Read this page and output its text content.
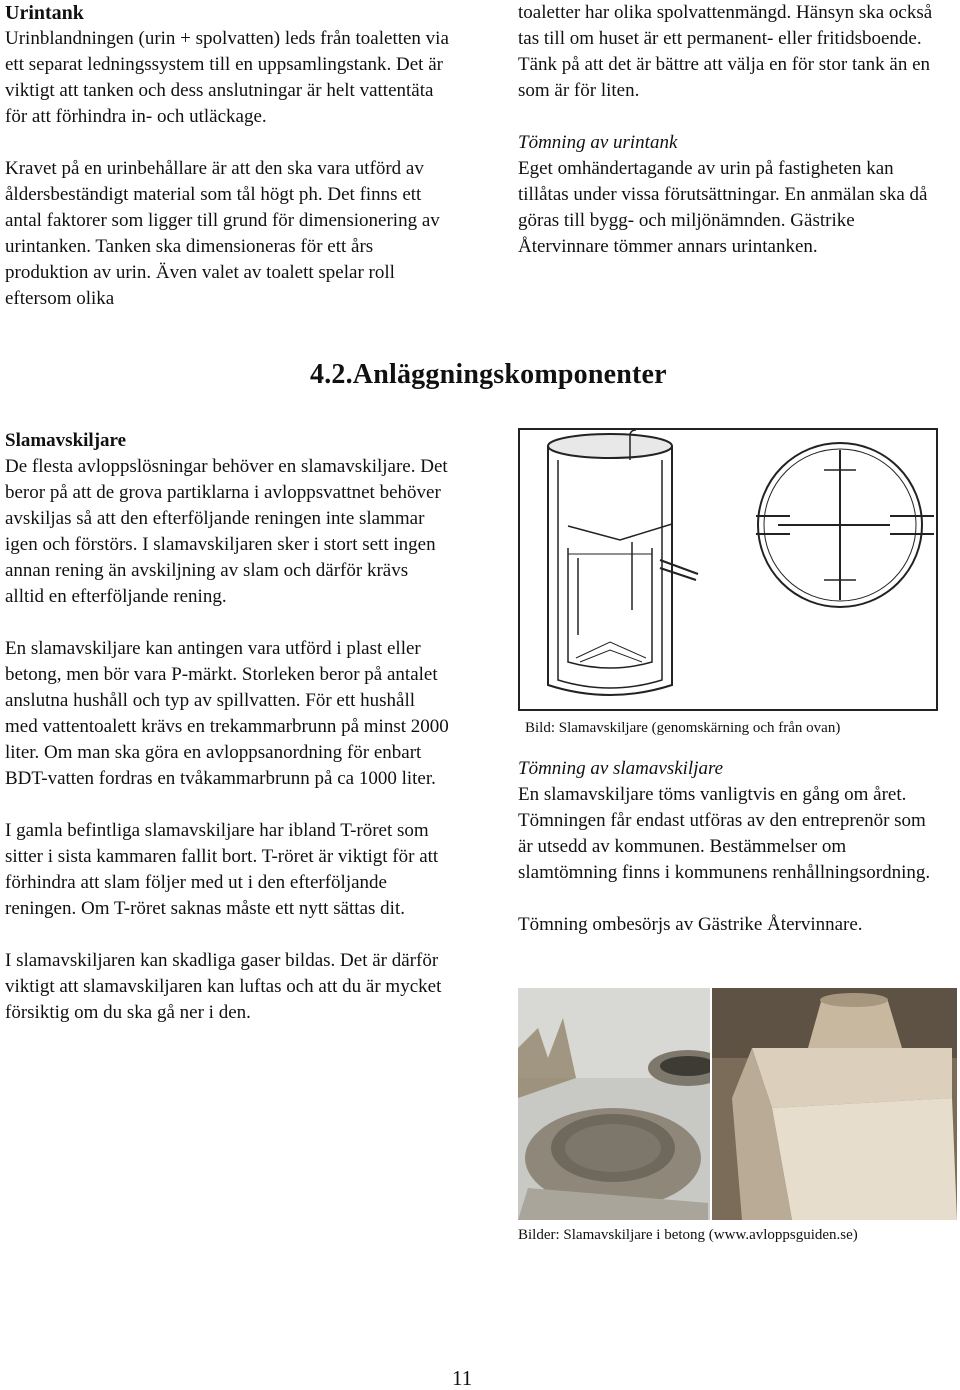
Urintank

Urinblandningen (urin + spolvatten) leds från toaletten via ett separat ledningssystem till en uppsamlingstank. Det är viktigt att tanken och dess anslutningar är helt vattentäta för att förhindra in- och utläckage.

Kravet på en urinbehållare är att den ska vara utförd av åldersbeständigt material som tål högt ph. Det finns ett antal faktorer som ligger till grund för dimensionering av urintanken. Tanken ska dimensioneras för ett års produktion av urin. Även valet av toalett spelar roll eftersom olika

toaletter har olika spolvattenmängd. Hänsyn ska också tas till om huset är ett permanent- eller fritidsboende. Tänk på att det är bättre att välja en för stor tank än en som är för liten.

Tömning av urintank

Eget omhändertagande av urin på fastigheten kan tillåtas under vissa förutsättningar. En anmälan ska då göras till bygg- och miljönämnden. Gästrike Återvinnare tömmer annars urintanken.

4.2.Anläggningskomponenter

Slamavskiljare

De flesta avloppslösningar behöver en slamavskiljare. Det beror på att de grova partiklarna i avloppsvattnet behöver avskiljas så att den efterföljande reningen inte slammar igen och förstörs. I slamavskiljaren sker i stort sett ingen annan rening än avskiljning av slam och därför krävs alltid en efterföljande rening.

En slamavskiljare kan antingen vara utförd i plast eller betong, men bör vara P-märkt. Storleken beror på antalet anslutna hushåll och typ av spillvatten. För ett hushåll med vattentoalett krävs en trekammarbrunn på minst 2000 liter. Om man ska göra en avloppsanordning för enbart BDT-vatten fordras en tvåkammarbrunn på ca 1000 liter.

I gamla befintliga slamavskiljare har ibland T-röret som sitter i sista kammaren fallit bort. T-röret är viktigt för att förhindra att slam följer med ut i den efterföljande reningen. Om T-röret saknas måste ett nytt sättas dit.

I slamavskiljaren kan skadliga gaser bildas. Det är därför viktigt att slamavskiljaren kan luftas och att du är mycket försiktig om du ska gå ner i den.

Bild: Slamavskiljare (genomskärning och från ovan)

Tömning av slamavskiljare

En slamavskiljare töms vanligtvis en gång om året. Tömningen får endast utföras av den entreprenör som är utsedd av kommunen. Bestämmelser om slamtömning finns i kommunens renhållningsordning.

Tömning ombesörjs av Gästrike Återvinnare.

Bilder: Slamavskiljare i betong (www.avloppsguiden.se)

11
